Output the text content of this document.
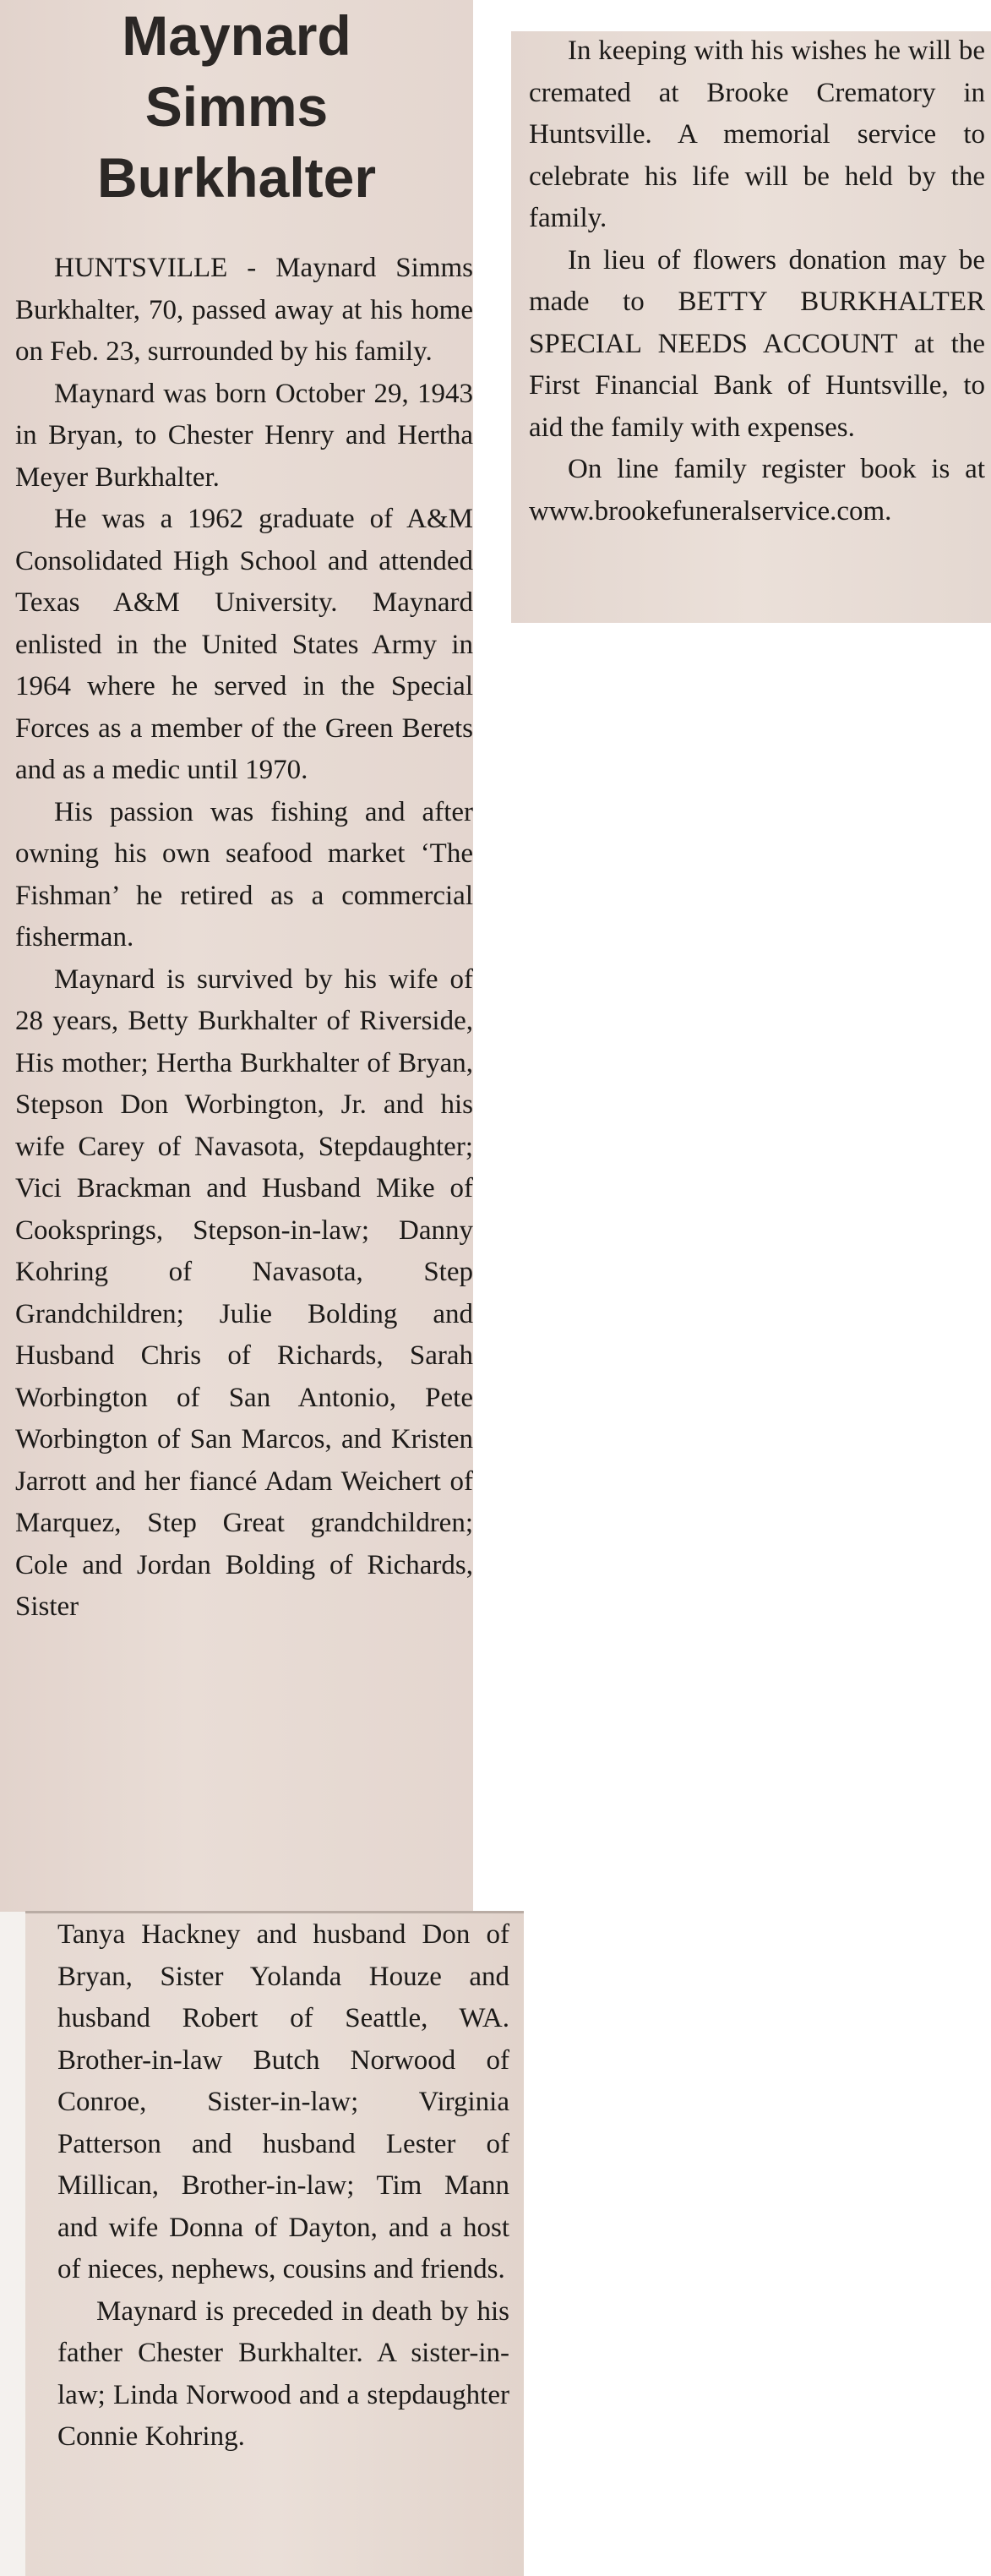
Maynard
Simms
Burkhalter

HUNTSVILLE - Maynard Simms Burkhalter, 70, passed away at his home on Feb. 23, surrounded by his family.

Maynard was born October 29, 1943 in Bryan, to Chester Henry and Hertha Meyer Burkhalter.

He was a 1962 graduate of A&M Consolidated High School and attended Texas A&M University. Maynard enlisted in the United States Army in 1964 where he served in the Special Forces as a member of the Green Berets and as a medic until 1970.

His passion was fishing and after owning his own seafood market ‘The Fishman’ he retired as a commercial fisherman.

Maynard is survived by his wife of 28 years, Betty Burkhalter of Riverside, His mother; Hertha Burkhalter of Bryan, Stepson Don Worbington, Jr. and his wife Carey of Navasota, Stepdaughter; Vici Brackman and Husband Mike of Cooksprings, Stepson-in-law; Danny Kohring of Navasota, Step Grandchildren; Julie Bolding and Husband Chris of Richards, Sarah Worbington of San Antonio, Pete Worbington of San Marcos, and Kristen Jarrott and her fiancé Adam Weichert of Marquez, Step Great grandchildren; Cole and Jordan Bolding of Richards, Sister

Tanya Hackney and husband Don of Bryan, Sister Yolanda Houze and husband Robert of Seattle, WA. Brother-in-law Butch Norwood of Conroe, Sister-in-law; Virginia Patterson and husband Lester of Millican, Brother-in-law; Tim Mann and wife Donna of Dayton, and a host of nieces, nephews, cousins and friends.

Maynard is preceded in death by his father Chester Burkhalter. A sister-in-law; Linda Norwood and a stepdaughter Connie Kohring.

In keeping with his wishes he will be cremated at Brooke Crematory in Huntsville. A memorial service to celebrate his life will be held by the family.

In lieu of flowers donation may be made to BETTY BURKHALTER SPECIAL NEEDS ACCOUNT at the First Financial Bank of Huntsville, to aid the family with expenses.

On line family register book is at www.brookefuneralservice.com.
